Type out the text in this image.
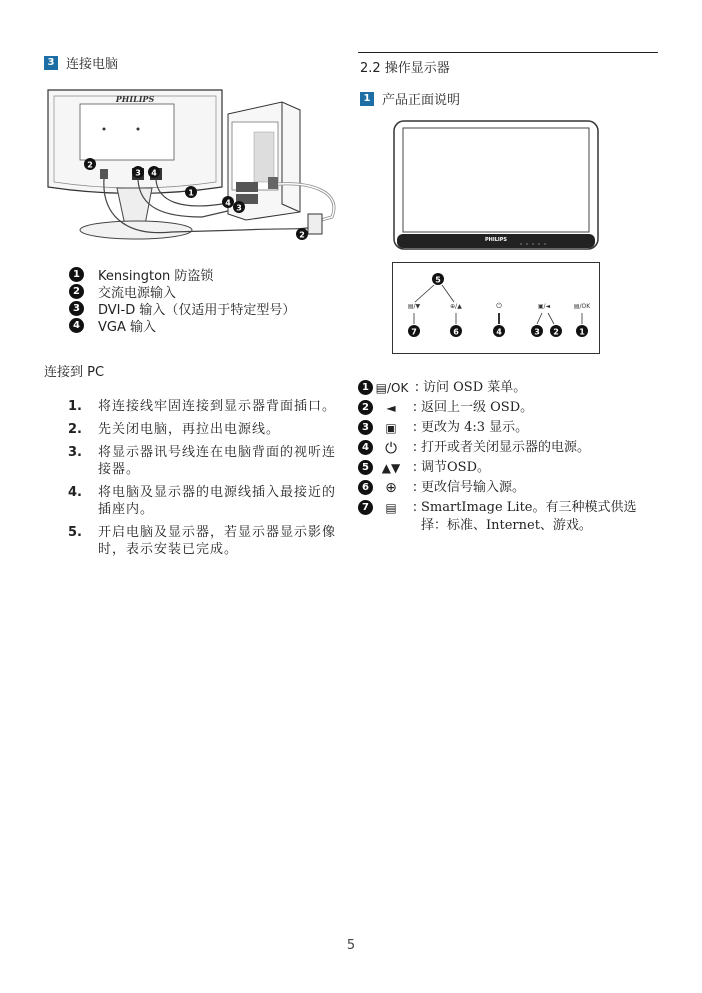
3 连接电脑
PHILIPS
2
3 4
1
4
3
2
1	Kensington 防盗锁
2	交流电源输入
3	DVI-D 输入（仅适用于特定型号）
4	VGA 输入
连接到 PC
1.	将连接线牢固连接到显示器背面插口。
2.	先关闭电脑，再拉出电源线。
3.	将显示器讯号线连在电脑背面的视听连接器。
4.	将电脑及显示器的电源线插入最接近的插座内。
5.	开启电脑及显示器，若显示器显示影像时，表示安装已完成。
2.2 操作显示器
1 产品正面说明
PHILIPS
5
▤/▼	⊕/▲	⏻	▣/◄	▤/OK
7	6	4	3 2	1
1 ▤/OK : 访问 OSD 菜单。
2	◄	: 返回上一级 OSD。
3	▣	: 更改为 4:3 显示。
4	⏻	: 打开或者关闭显示器的电源。
5	▲▼ : 调节OSD。
6	⊕	: 更改信号输入源。
7	▤	: SmartImage Lite。有三种模式供选择：标准、Internet、游戏。
5
